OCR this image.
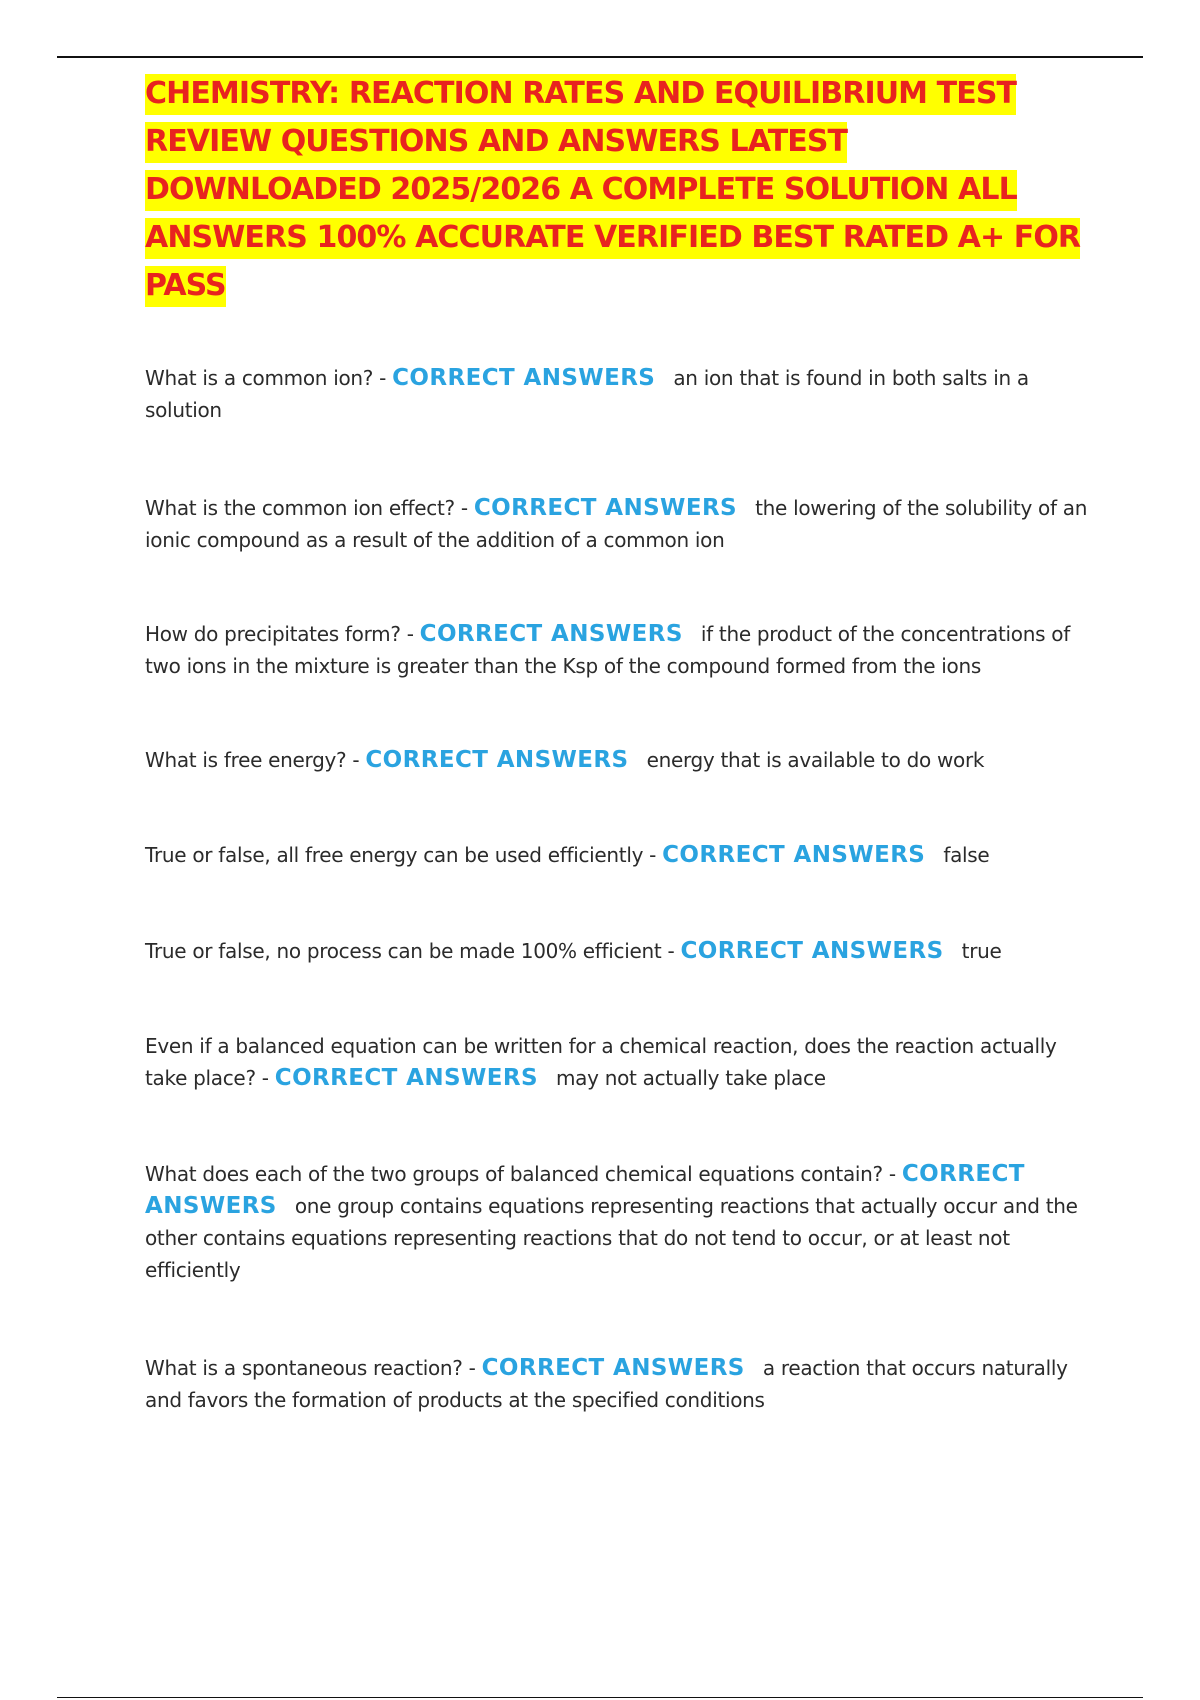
CHEMISTRY: REACTION RATES AND EQUILIBRIUM TEST REVIEW QUESTIONS AND ANSWERS LATEST DOWNLOADED 2025/2026 A COMPLETE SOLUTION ALL ANSWERS 100% ACCURATE VERIFIED BEST RATED A+ FOR PASS

What is a common ion? - CORRECT ANSWERS an ion that is found in both salts in a solution

What is the common ion effect? - CORRECT ANSWERS the lowering of the solubility of an ionic compound as a result of the addition of a common ion

How do precipitates form? - CORRECT ANSWERS if the product of the concentrations of two ions in the mixture is greater than the Ksp of the compound formed from the ions

What is free energy? - CORRECT ANSWERS energy that is available to do work

True or false, all free energy can be used efficiently - CORRECT ANSWERS false

True or false, no process can be made 100% efficient - CORRECT ANSWERS true

Even if a balanced equation can be written for a chemical reaction, does the reaction actually take place? - CORRECT ANSWERS may not actually take place

What does each of the two groups of balanced chemical equations contain? - CORRECT ANSWERS one group contains equations representing reactions that actually occur and the other contains equations representing reactions that do not tend to occur, or at least not efficiently

What is a spontaneous reaction? - CORRECT ANSWERS a reaction that occurs naturally and favors the formation of products at the specified conditions
